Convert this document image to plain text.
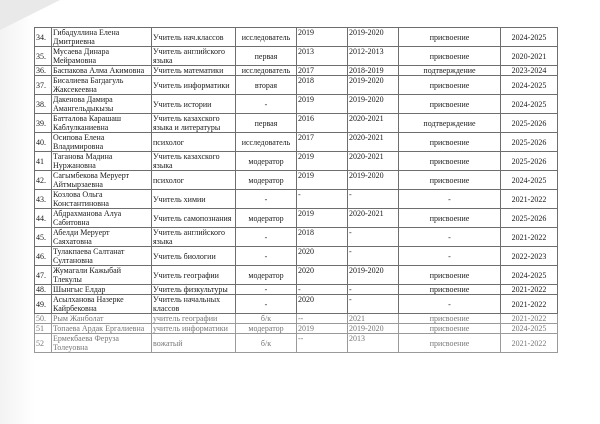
34.	Гибадуллина Елена Дмитриевна	Учитель нач.классов	исследователь	2019	2019-2020	присвоение	2024-2025
35.	Мусаева Динара Мейрамовна	Учитель английского языка	первая	2013	2012-2013	присвоение	2020-2021
36.	Баспакова Алма Акимовна	Учитель математики	исследователь	2017	2018-2019	подтверждение	2023-2024
37.	Бисалиева Багдагуль Жаксекеевна	Учитель информатики	вторая	2018	2019-2020	присвоение	2024-2025
38.	Дакенова Дамира Амангельдыкызы	Учитель истории	-	2019	2019-2020	присвоение	2024-2025
39.	Батталова Карашаш Каблулканиевна	Учитель казахского языка и литературы	первая	2016	2020-2021	подтверждение	2025-2026
40.	Осипова Елена Владимировна	психолог	исследователь	2017	2020-2021	присвоение	2025-2026
41	Таганова Мадина Нуржановна	Учитель казахского языка	модератор	2019	2020-2021	присвоение	2025-2026
42.	Сагымбекова Меруерт Айтмырзаевна	психолог	модератор	2019	2019-2020	присвоение	2024-2025
43.	Козлова Ольга Константиновна	Учитель химии	-	-	-	-	2021-2022
44.	Абдрахманова Алуа Сабитовна	Учитель самопознания	модератор	2019	2020-2021	присвоение	2025-2026
45.	Абелди Меруерт Саяхатовна	Учитель английского языка	-	2018	-	-	2021-2022
46.	Тулакпаева Салтанат Султановна	Учитель биологии	-	2020	-	-	2022-2023
47.	Жумагали Кажыбай Тлекулы	Учитель географии	модератор	2020	2019-2020	присвоение	2024-2025
48.	Шынгыс Елдар	Учитель физкультуры	-	-	-	присвоение	2021-2022
49.	Асылханова Назерке Кайрбековна	Учитель начальных классов	-	2020	-	-	2021-2022
50.	Рым Жанболат	учитель географии	б/к	--	2021	присвоение	2021-2022
51	Топаева Ардак Ергалиевна	учитель информатики	модератор	2019	2019-2020	присвоение	2024-2025
52	Ермекбаева Феруза Толеуовна	вожатый	б/к	--	2013	присвоение	2021-2022
